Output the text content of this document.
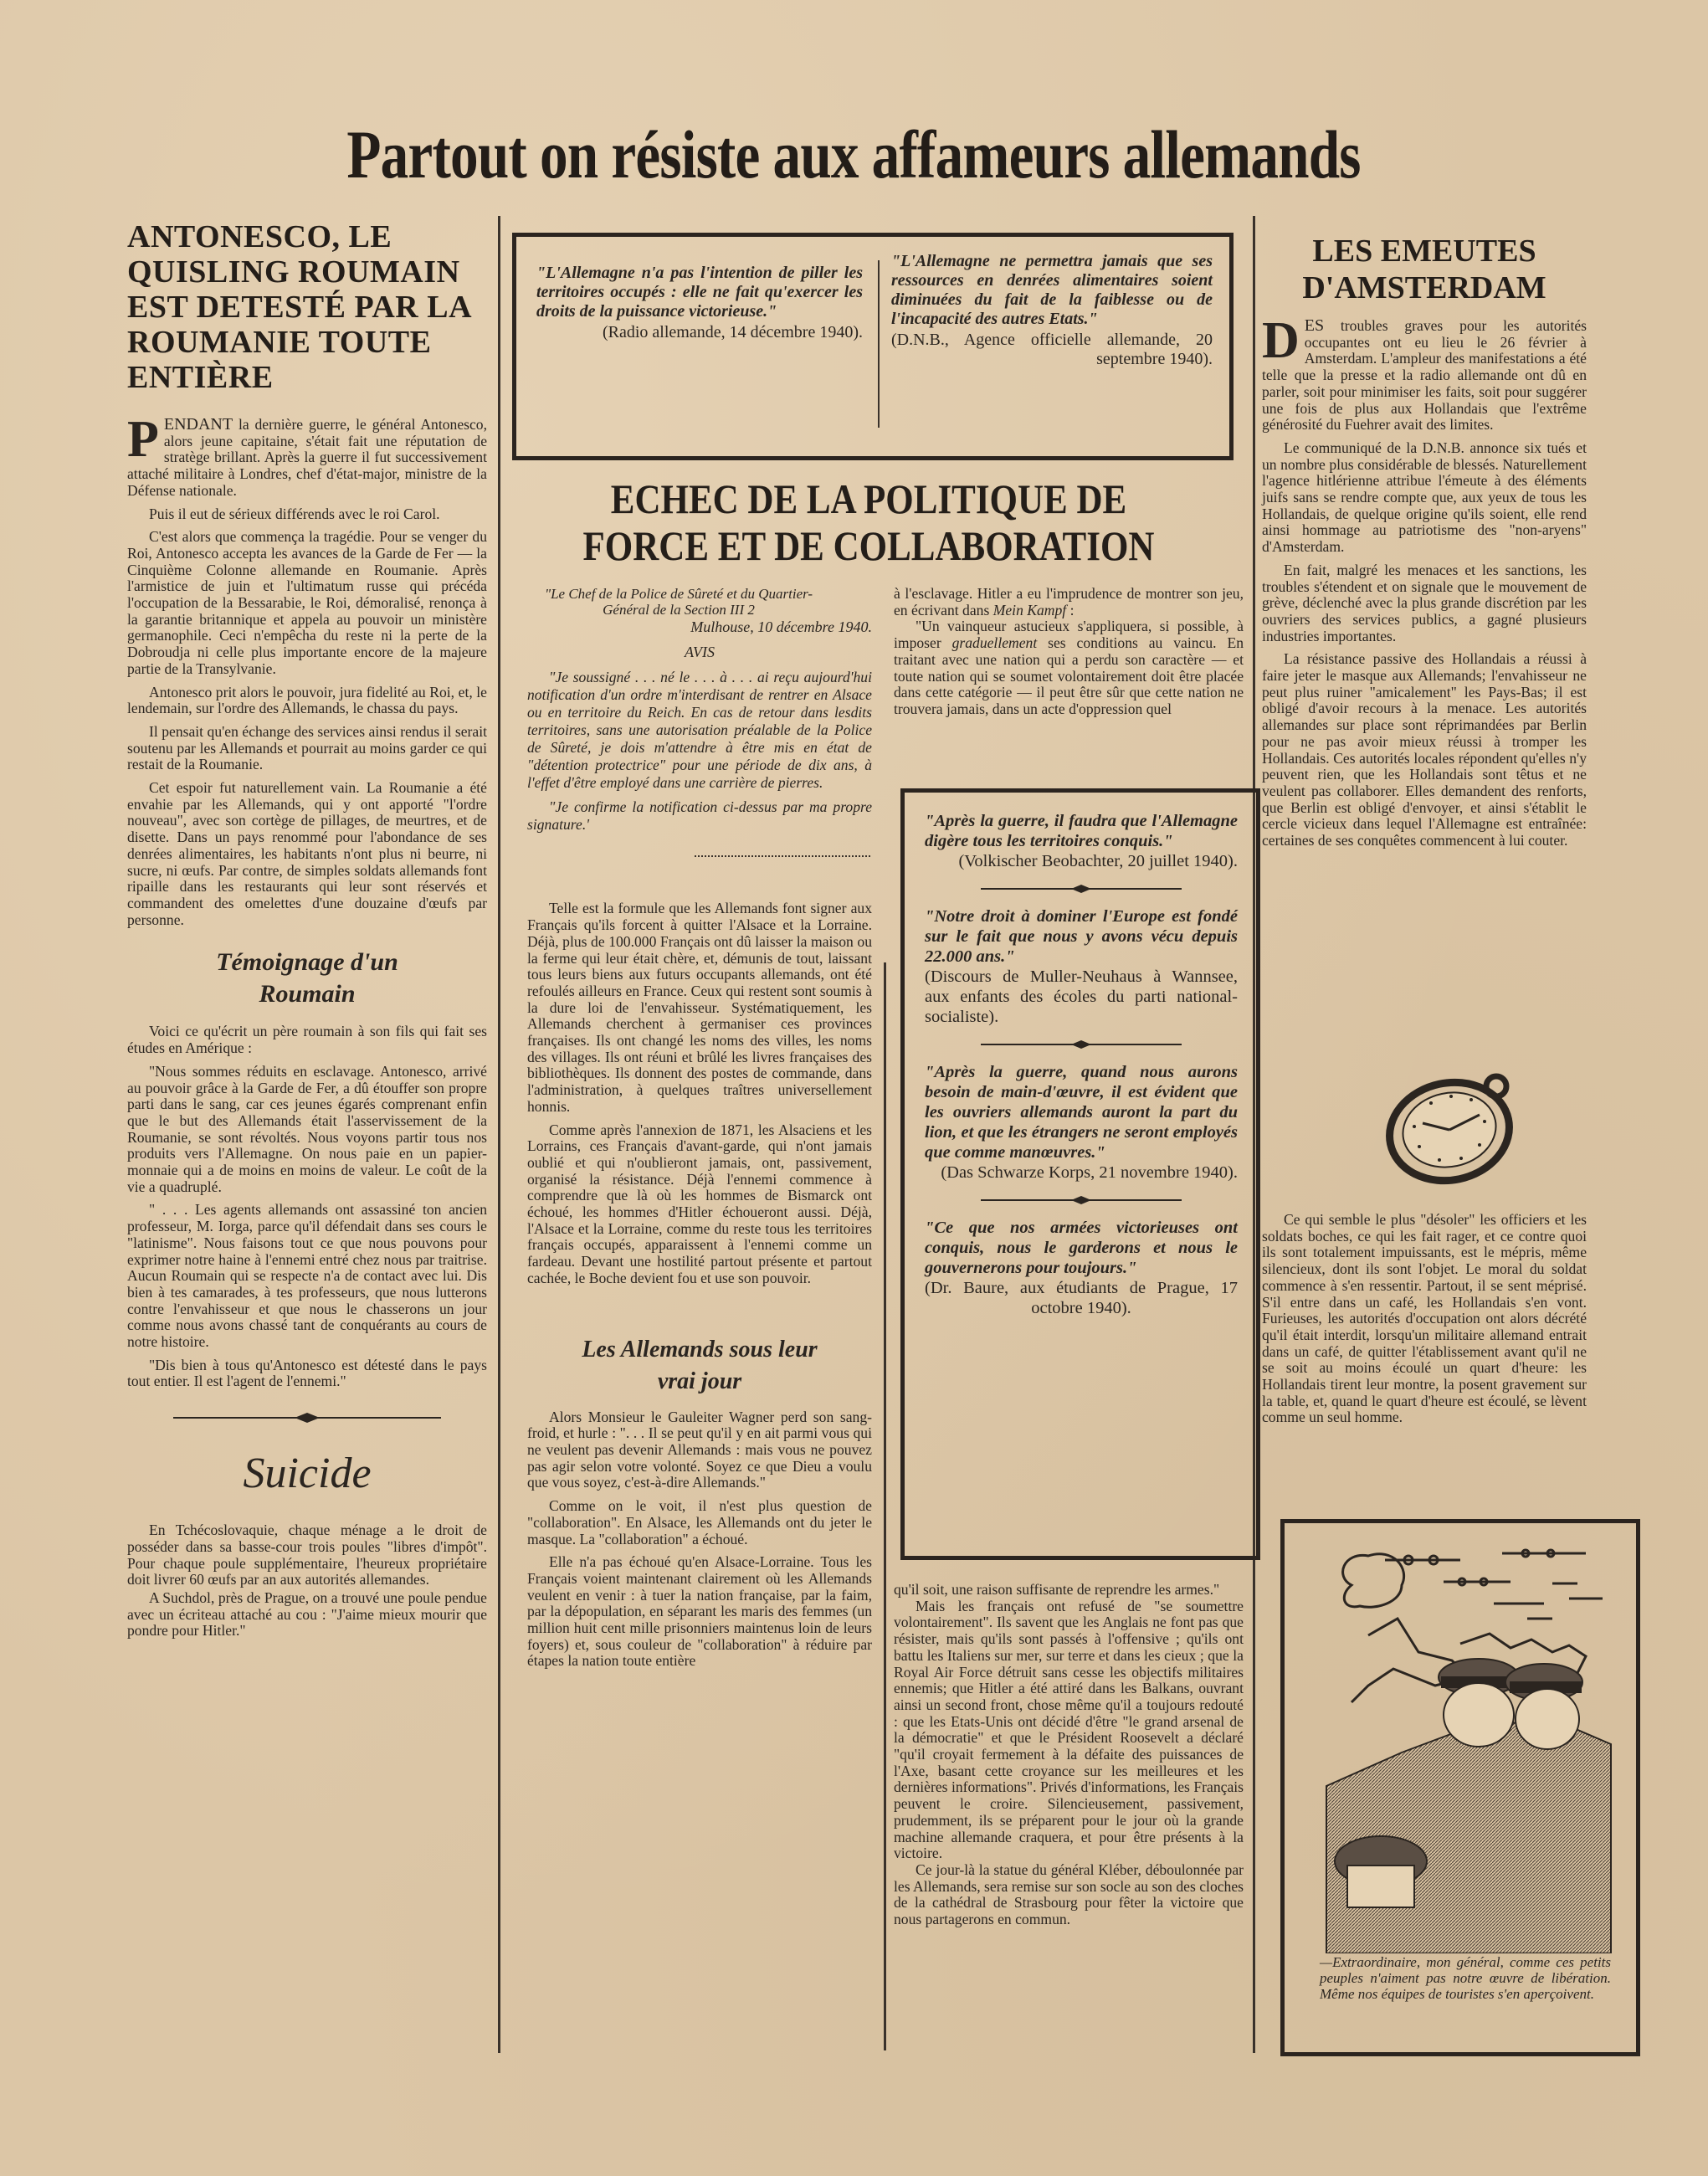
Partout on résiste aux affameurs allemands
ANTONESCO, LE QUISLING ROUMAIN EST DETESTÉ PAR LA ROUMANIE TOUTE ENTIÈRE

PENDANT la dernière guerre, le général Antonesco, alors jeune capitaine, s'était fait une réputation de stratège brillant. Après la guerre il fut successivement attaché militaire à Londres, chef d'état-major, ministre de la Défense nationale.

Puis il eut de sérieux différends avec le roi Carol.

C'est alors que commença la tragédie. Pour se venger du Roi, Antonesco accepta les avances de la Garde de Fer — la Cinquième Colonne allemande en Roumanie. Après l'armistice de juin et l'ultimatum russe qui précéda l'occupation de la Bessarabie, le Roi, démoralisé, renonça à la garantie britannique et appela au pouvoir un ministère germanophile. Ceci n'empêcha du reste ni la perte de la Dobroudja ni celle plus importante encore de la majeure partie de la Transylvanie.

Antonesco prit alors le pouvoir, jura fidelité au Roi, et, le lendemain, sur l'ordre des Allemands, le chassa du pays.

Il pensait qu'en échange des services ainsi rendus il serait soutenu par les Allemands et pourrait au moins garder ce qui restait de la Roumanie.

Cet espoir fut naturellement vain. La Roumanie a été envahie par les Allemands, qui y ont apporté "l'ordre nouveau", avec son cortège de pillages, de meurtres, et de disette. Dans un pays renommé pour l'abondance de ses denrées alimentaires, les habitants n'ont plus ni beurre, ni sucre, ni œufs. Par contre, de simples soldats allemands font ripaille dans les restaurants qui leur sont réservés et commandent des omelettes d'une douzaine d'œufs par personne.

Témoignage d'un Roumain

Voici ce qu'écrit un père roumain à son fils qui fait ses études en Amérique :

"Nous sommes réduits en esclavage. Antonesco, arrivé au pouvoir grâce à la Garde de Fer, a dû étouffer son propre parti dans le sang, car ces jeunes égarés comprenant enfin que le but des Allemands était l'asservissement de la Roumanie, se sont révoltés. Nous voyons partir tous nos produits vers l'Allemagne. On nous paie en un papier-monnaie qui a de moins en moins de valeur. Le coût de la vie a quadruplé.

" . . . Les agents allemands ont assassiné ton ancien professeur, M. Iorga, parce qu'il défendait dans ses cours le "latinisme". Nous faisons tout ce que nous pouvons pour exprimer notre haine à l'ennemi entré chez nous par traitrise. Aucun Roumain qui se respecte n'a de contact avec lui. Dis bien à tes camarades, à tes professeurs, que nous lutterons contre l'envahisseur et que nous le chasserons un jour comme nous avons chassé tant de conquérants au cours de notre histoire.

"Dis bien à tous qu'Antonesco est détesté dans le pays tout entier. Il est l'agent de l'ennemi."

Suicide

En Tchécoslovaquie, chaque ménage a le droit de posséder dans sa basse-cour trois poules "libres d'impôt". Pour chaque poule supplémentaire, l'heureux propriétaire doit livrer 60 œufs par an aux autorités allemandes.

A Suchdol, près de Prague, on a trouvé une poule pendue avec un écriteau attaché au cou : "J'aime mieux mourir que pondre pour Hitler."

"L'Allemagne n'a pas l'intention de piller les territoires occupés : elle ne fait qu'exercer les droits de la puissance victorieuse."
(Radio allemande, 14 décembre 1940).
"L'Allemagne ne permettra jamais que ses ressources en denrées alimentaires soient diminuées du fait de la faiblesse ou de l'incapacité des autres Etats."
(D.N.B., Agence officielle allemande, 20 septembre 1940).
ECHEC DE LA POLITIQUE DE FORCE ET DE COLLABORATION
"Le Chef de la Police de Sûreté et du Quartier-Général de la Section III 2
Mulhouse, 10 décembre 1940.
AVIS

"Je soussigné . . . né le . . . à . . . ai reçu aujourd'hui notification d'un ordre m'interdisant de rentrer en Alsace ou en territoire du Reich. En cas de retour dans lesdits territoires, sans une autorisation préalable de la Police de Sûreté, je dois m'attendre à être mis en état de "détention protectrice" pour une période de dix ans, à l'effet d'être employé dans une carrière de pierres.

"Je confirme la notification ci-dessus par ma propre signature.'

Telle est la formule que les Allemands font signer aux Français qu'ils forcent à quitter l'Alsace et la Lorraine. Déjà, plus de 100.000 Français ont dû laisser la maison ou la ferme qui leur était chère, et, démunis de tout, laissant tous leurs biens aux futurs occupants allemands, ont été refoulés ailleurs en France. Ceux qui restent sont soumis à la dure loi de l'envahisseur. Systématiquement, les Allemands cherchent à germaniser ces provinces françaises. Ils ont changé les noms des villes, les noms des villages. Ils ont réuni et brûlé les livres françaises des bibliothèques. Ils donnent des postes de commande, dans l'administration, à quelques traîtres universellement honnis.

Comme après l'annexion de 1871, les Alsaciens et les Lorrains, ces Français d'avant-garde, qui n'ont jamais oublié et qui n'oublieront jamais, ont, passivement, organisé la résistance. Déjà l'ennemi commence à comprendre que là où les hommes de Bismarck ont échoué, les hommes d'Hitler échoueront aussi. Déjà, l'Alsace et la Lorraine, comme du reste tous les territoires français occupés, apparaissent à l'ennemi comme un fardeau. Devant une hostilité partout présente et partout cachée, le Boche devient fou et use son pouvoir.

Les Allemands sous leur vrai jour

Alors Monsieur le Gauleiter Wagner perd son sang-froid, et hurle : ". . . Il se peut qu'il y en ait parmi vous qui ne veulent pas devenir Allemands : mais vous ne pouvez pas agir selon votre volonté. Soyez ce que Dieu a voulu que vous soyez, c'est-à-dire Allemands."

Comme on le voit, il n'est plus question de "collaboration". En Alsace, les Allemands ont du jeter le masque. La "collaboration" a échoué.

Elle n'a pas échoué qu'en Alsace-Lorraine. Tous les Français voient maintenant clairement où les Allemands veulent en venir : à tuer la nation française, par la faim, par la dépopulation, en séparant les maris des femmes (un million huit cent mille prisonniers maintenus loin de leurs foyers) et, sous couleur de "collaboration" à réduire par étapes la nation toute entière

à l'esclavage. Hitler a eu l'imprudence de montrer son jeu, en écrivant dans Mein Kampf :

"Un vainqueur astucieux s'appliquera, si possible, à imposer graduellement ses conditions au vaincu. En traitant avec une nation qui a perdu son caractère — et toute nation qui se soumet volontairement doit être placée dans cette catégorie — il peut être sûr que cette nation ne trouvera jamais, dans un acte d'oppression quel

"Après la guerre, il faudra que l'Allemagne digère tous les territoires conquis."
(Volkischer Beobachter, 20 juillet 1940).
"Notre droit à dominer l'Europe est fondé sur le fait que nous y avons vécu depuis 22.000 ans."
(Discours de Muller-Neuhaus à Wannsee, aux enfants des écoles du parti national-socialiste).
"Après la guerre, quand nous aurons besoin de main-d'œuvre, il est évident que les ouvriers allemands auront la part du lion, et que les étrangers ne seront employés que comme manœuvres."
(Das Schwarze Korps, 21 novembre 1940).
"Ce que nos armées victorieuses ont conquis, nous le garderons et nous le gouvernerons pour toujours."
(Dr. Baure, aux étudiants de Prague, 17 octobre 1940).

qu'il soit, une raison suffisante de reprendre les armes."

Mais les français ont refusé de "se soumettre volontairement". Ils savent que les Anglais ne font pas que résister, mais qu'ils sont passés à l'offensive ; qu'ils ont battu les Italiens sur mer, sur terre et dans les cieux ; que la Royal Air Force détruit sans cesse les objectifs militaires ennemis; que Hitler a été attiré dans les Balkans, ouvrant ainsi un second front, chose même qu'il a toujours redouté : que les Etats-Unis ont décidé d'être "le grand arsenal de la démocratie" et que le Président Roosevelt a déclaré "qu'il croyait fermement à la défaite des puissances de l'Axe, basant cette croyance sur les meilleures et les dernières informations". Privés d'informations, les Français peuvent le croire. Silencieusement, passivement, prudemment, ils se préparent pour le jour où la grande machine allemande craquera, et pour être présents à la victoire.

Ce jour-là la statue du général Kléber, déboulonnée par les Allemands, sera remise sur son socle au son des cloches de la cathédral de Strasbourg pour fêter la victoire que nous partagerons en commun.

LES EMEUTES D'AMSTERDAM

DES troubles graves pour les autorités occupantes ont eu lieu le 26 février à Amsterdam. L'ampleur des manifestations a été telle que la presse et la radio allemande ont dû en parler, soit pour minimiser les faits, soit pour suggérer une fois de plus aux Hollandais que l'extrême générosité du Fuehrer avait des limites.

Le communiqué de la D.N.B. annonce six tués et un nombre plus considérable de blessés. Naturellement l'agence hitlérienne attribue l'émeute à des éléments juifs sans se rendre compte que, aux yeux de tous les Hollandais, de quelque origine qu'ils soient, elle rend ainsi hommage au patriotisme des "non-aryens" d'Amsterdam.

En fait, malgré les menaces et les sanctions, les troubles s'étendent et on signale que le mouvement de grève, déclenché avec la plus grande discrétion par les ouvriers des services publics, a gagné plusieurs industries importantes.

La résistance passive des Hollandais a réussi à faire jeter le masque aux Allemands; l'envahisseur ne peut plus ruiner "amicalement" les Pays-Bas; il est obligé d'avoir recours à la menace. Les autorités allemandes sur place sont réprimandées par Berlin pour ne pas avoir mieux réussi à tromper les Hollandais. Ces autorités locales répondent qu'elles n'y peuvent rien, que les Hollandais sont têtus et ne veulent pas collaborer. Elles demandent des renforts, que Berlin est obligé d'envoyer, et ainsi s'établit le cercle vicieux dans lequel l'Allemagne est entraînée: certaines de ses conquêtes commencent à lui couter.

Ce qui semble le plus "désoler" les officiers et les soldats boches, ce qui les fait rager, et ce contre quoi ils sont totalement impuissants, est le mépris, même silencieux, dont ils sont l'objet. Le moral du soldat commence à s'en ressentir. Partout, il se sent méprisé. S'il entre dans un café, les Hollandais s'en vont. Furieuses, les autorités d'occupation ont alors décrété qu'il était interdit, lorsqu'un militaire allemand entrait dans un café, de quitter l'établissement avant qu'il ne se soit au moins écoulé un quart d'heure: les Hollandais tirent leur montre, la posent gravement sur la table, et, quand le quart d'heure est écoulé, se lèvent comme un seul homme.

—Extraordinaire, mon général, comme ces petits peuples n'aiment pas notre œuvre de libération. Même nos équipes de touristes s'en aperçoivent.
